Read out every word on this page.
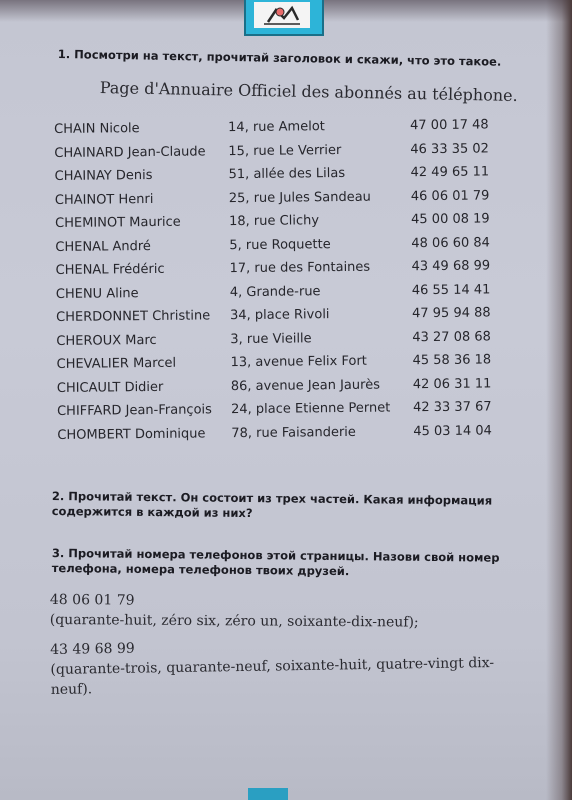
1. Посмотри на текст, прочитай заголовок и скажи, что это такое.
Page d'Annuaire Officiel des abonnés au téléphone.
CHAIN Nicole	14, rue Amelot	47 00 17 48
CHAINARD Jean-Claude 15, rue Le Verrier	46 33 35 02
CHAINAY Denis	51, allée des Lilas	42 49 65 11
CHAINOT Henri	25, rue Jules Sandeau	46 06 01 79
CHEMINOT Maurice	18, rue Clichy	45 00 08 19
CHENAL André	5, rue Roquette	48 06 60 84
CHENAL Frédéric	17, rue des Fontaines	43 49 68 99
CHENU Aline	4, Grande-rue	46 55 14 41
CHERDONNET Christine 34, place Rivoli	47 95 94 88
CHEROUX Marc	3, rue Vieille	43 27 08 68
CHEVALIER Marcel	13, avenue Felix Fort	45 58 36 18
CHICAULT Didier	86, avenue Jean Jaurès	42 06 31 11
CHIFFARD Jean-François 24, place Etienne Pernet 42 33 37 67
CHOMBERT Dominique 78, rue Faisanderie	45 03 14 04
2. Прочитай текст. Он состоит из трех частей. Какая информация
содержится в каждой из них?
3. Прочитай номера телефонов этой страницы. Назови свой номер
телефона, номера телефонов твоих друзей.
48 06 01 79
(quarante-huit, zéro six, zéro un, soixante-dix-neuf);
43 49 68 99
(quarante-trois, quarante-neuf, soixante-huit, quatre-vingt dix-
neuf).
